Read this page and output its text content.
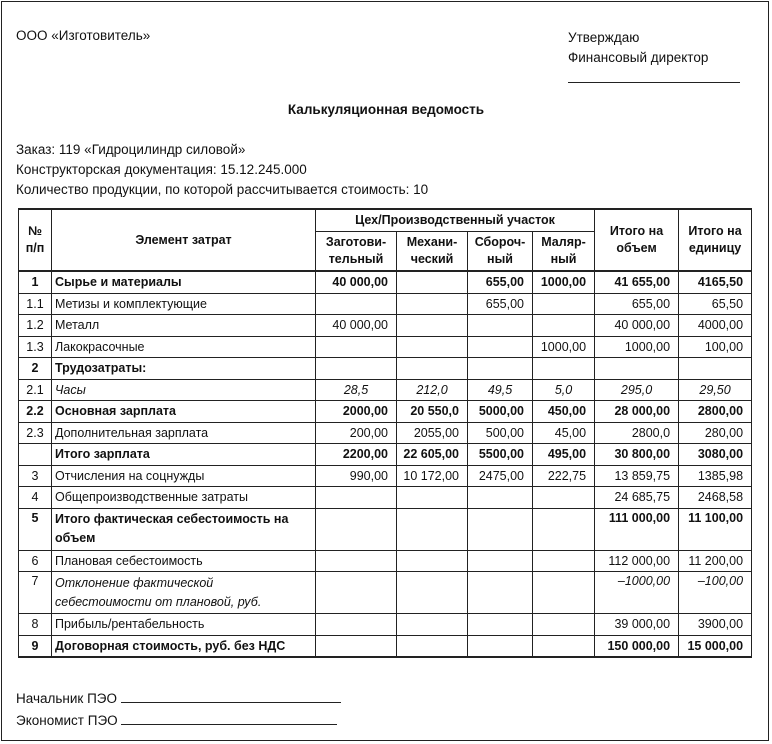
ООО «Изготовитель»	Утверждаю
Финансовый директор
Калькуляционная ведомость
Заказ: 119 «Гидроцилиндр силовой»
Конструкторская документация: 15.12.245.000
Количество продукции, по которой рассчитывается стоимость: 10
№ п/п	Элемент затрат	Цех/Производственный участок				Итого на объем	Итого на единицу
		Заготови-тельный	Механи-ческий	Сбороч-ный	Маляр-ный		
1	Сырье и материалы	40 000,00		655,00	1000,00	41 655,00	4165,50
1.1	Метизы и комплектующие			655,00		655,00	65,50
1.2	Металл	40 000,00				40 000,00	4000,00
1.3	Лакокрасочные				1000,00	1000,00	100,00
2	Трудозатраты:						
2.1	Часы	28,5	212,0	49,5	5,0	295,0	29,50
2.2	Основная зарплата	2000,00	20 550,0	5000,00	450,00	28 000,00	2800,00
2.3	Дополнительная зарплата	200,00	2055,00	500,00	45,00	2800,0	280,00
	Итого зарплата	2200,00	22 605,00	5500,00	495,00	30 800,00	3080,00
3	Отчисления на соцнужды	990,00	10 172,00	2475,00	222,75	13 859,75	1385,98
4	Общепроизводственные затраты					24 685,75	2468,58
5	Итого фактическая себестоимость на объем					111 000,00	11 100,00
6	Плановая себестоимость					112 000,00	11 200,00
7	Отклонение фактической себестоимости от плановой, руб.					–1000,00	–100,00
8	Прибыль/рентабельность					39 000,00	3900,00
9	Договорная стоимость, руб. без НДС					150 000,00	15 000,00
Начальник ПЭО
Экономист ПЭО
